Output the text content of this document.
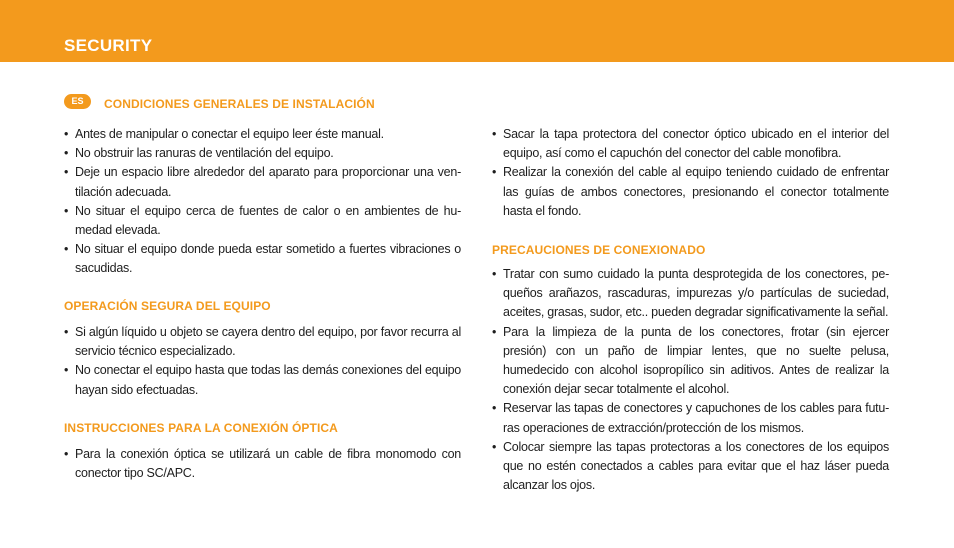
SECURITY
ES	CONDICIONES GENERALES DE INSTALACIÓN
• Antes de manipular o conectar el equipo leer éste manual.
• No obstruir las ranuras de ventilación del equipo.
• Deje un espacio libre alrededor del aparato para proporcionar una ven-tilación adecuada.
• No situar el equipo cerca de fuentes de calor o en ambientes de hu-medad elevada.
• No situar el equipo donde pueda estar sometido a fuertes vibraciones o sacudidas.
OPERACIÓN SEGURA DEL EQUIPO
• Si algún líquido u objeto se cayera dentro del equipo, por favor recurra al servicio técnico especializado.
• No conectar el equipo hasta que todas las demás conexiones del equipo hayan sido efectuadas.
INSTRUCCIONES PARA LA CONEXIÓN ÓPTICA
• Para la conexión óptica se utilizará un cable de fibra monomodo con conector tipo SC/APC.
• Sacar la tapa protectora del conector óptico ubicado en el interior del equipo, así como el capuchón del conector del cable monofibra.
• Realizar la conexión del cable al equipo teniendo cuidado de enfrentar las guías de ambos conectores, presionando el conector totalmente hasta el fondo.
PRECAUCIONES DE CONEXIONADO
• Tratar con sumo cuidado la punta desprotegida de los conectores, pe-queños arañazos, rascaduras, impurezas y/o partículas de suciedad, aceites, grasas, sudor, etc.. pueden degradar significativamente la señal.
• Para la limpieza de la punta de los conectores, frotar (sin ejercer presión) con un paño de limpiar lentes, que no suelte pelusa, humedecido con alcohol isopropílico sin aditivos. Antes de realizar la conexión dejar secar totalmente el alcohol.
• Reservar las tapas de conectores y capuchones de los cables para futu-ras operaciones de extracción/protección de los mismos.
• Colocar siempre las tapas protectoras a los conectores de los equipos que no estén conectados a cables para evitar que el haz láser pueda alcanzar los ojos.
